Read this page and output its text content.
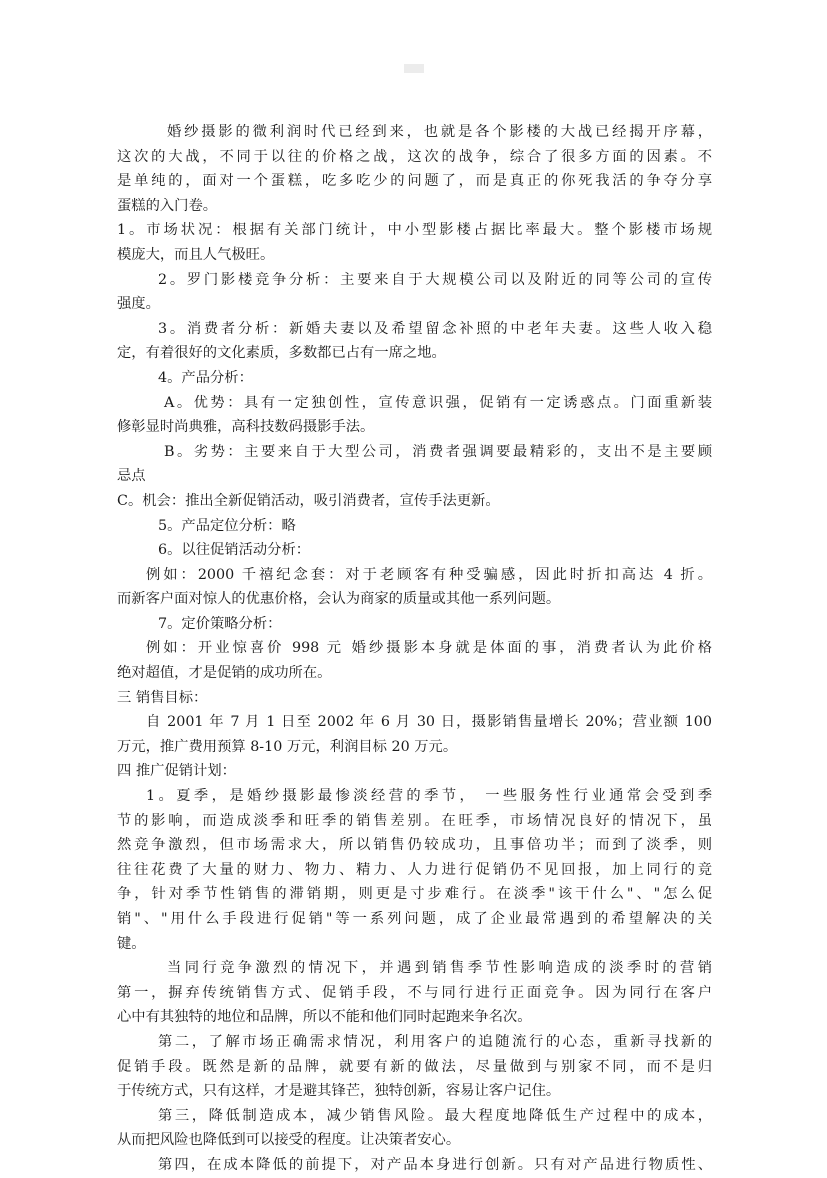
婚纱摄影的微利润时代已经到来，也就是各个影楼的大战已经揭开序幕，
这次的大战，不同于以往的价格之战，这次的战争，综合了很多方面的因素。不
是单纯的，面对一个蛋糕，吃多吃少的问题了，而是真正的你死我活的争夺分享
蛋糕的入门卷。
1。市场状况：根据有关部门统计，中小型影楼占据比率最大。整个影楼市场规
模庞大，而且人气极旺。
2。罗门影楼竞争分析：主要来自于大规模公司以及附近的同等公司的宣传
强度。
3。消费者分析：新婚夫妻以及希望留念补照的中老年夫妻。这些人收入稳
定，有着很好的文化素质，多数都已占有一席之地。
4。产品分析：
A。优势：具有一定独创性，宣传意识强，促销有一定诱惑点。门面重新装
修彰显时尚典雅，高科技数码摄影手法。
B。劣势：主要来自于大型公司，消费者强调要最精彩的，支出不是主要顾
忌点
C。机会：推出全新促销活动，吸引消费者，宣传手法更新。
5。产品定位分析：略
6。以往促销活动分析：
例如：2000 千禧纪念套：对于老顾客有种受骗感，因此时折扣高达 4 折。
而新客户面对惊人的优惠价格，会认为商家的质量或其他一系列问题。
7。定价策略分析：
例如：开业惊喜价 998 元 婚纱摄影本身就是体面的事，消费者认为此价格
绝对超值，才是促销的成功所在。
三 销售目标：
自 2001 年 7 月 1 日至 2002 年 6 月 30 日，摄影销售量增长 20%；营业额 100
万元，推广费用预算 8-10 万元，利润目标 20 万元。
四 推广促销计划：
1。夏季，是婚纱摄影最惨淡经营的季节， 一些服务性行业通常会受到季
节的影响，而造成淡季和旺季的销售差别。在旺季，市场情况良好的情况下，虽
然竞争激烈，但市场需求大，所以销售仍较成功，且事倍功半；而到了淡季，则
往往花费了大量的财力、物力、精力、人力进行促销仍不见回报，加上同行的竞
争，针对季节性销售的滞销期，则更是寸步难行。在淡季"该干什么"、"怎么促
销"、"用什么手段进行促销"等一系列问题，成了企业最常遇到的希望解决的关
键。
当同行竞争激烈的情况下，并遇到销售季节性影响造成的淡季时的营销
第一，摒弃传统销售方式、促销手段，不与同行进行正面竞争。因为同行在客户
心中有其独特的地位和品牌，所以不能和他们同时起跑来争名次。
第二，了解市场正确需求情况，利用客户的追随流行的心态，重新寻找新的
促销手段。既然是新的品牌，就要有新的做法，尽量做到与别家不同，而不是归
于传统方式，只有这样，才是避其锋芒，独特创新，容易让客户记住。
第三，降低制造成本，减少销售风险。最大程度地降低生产过程中的成本，
从而把风险也降低到可以接受的程度。让决策者安心。
第四，在成本降低的前提下，对产品本身进行创新。只有对产品进行物质性、
